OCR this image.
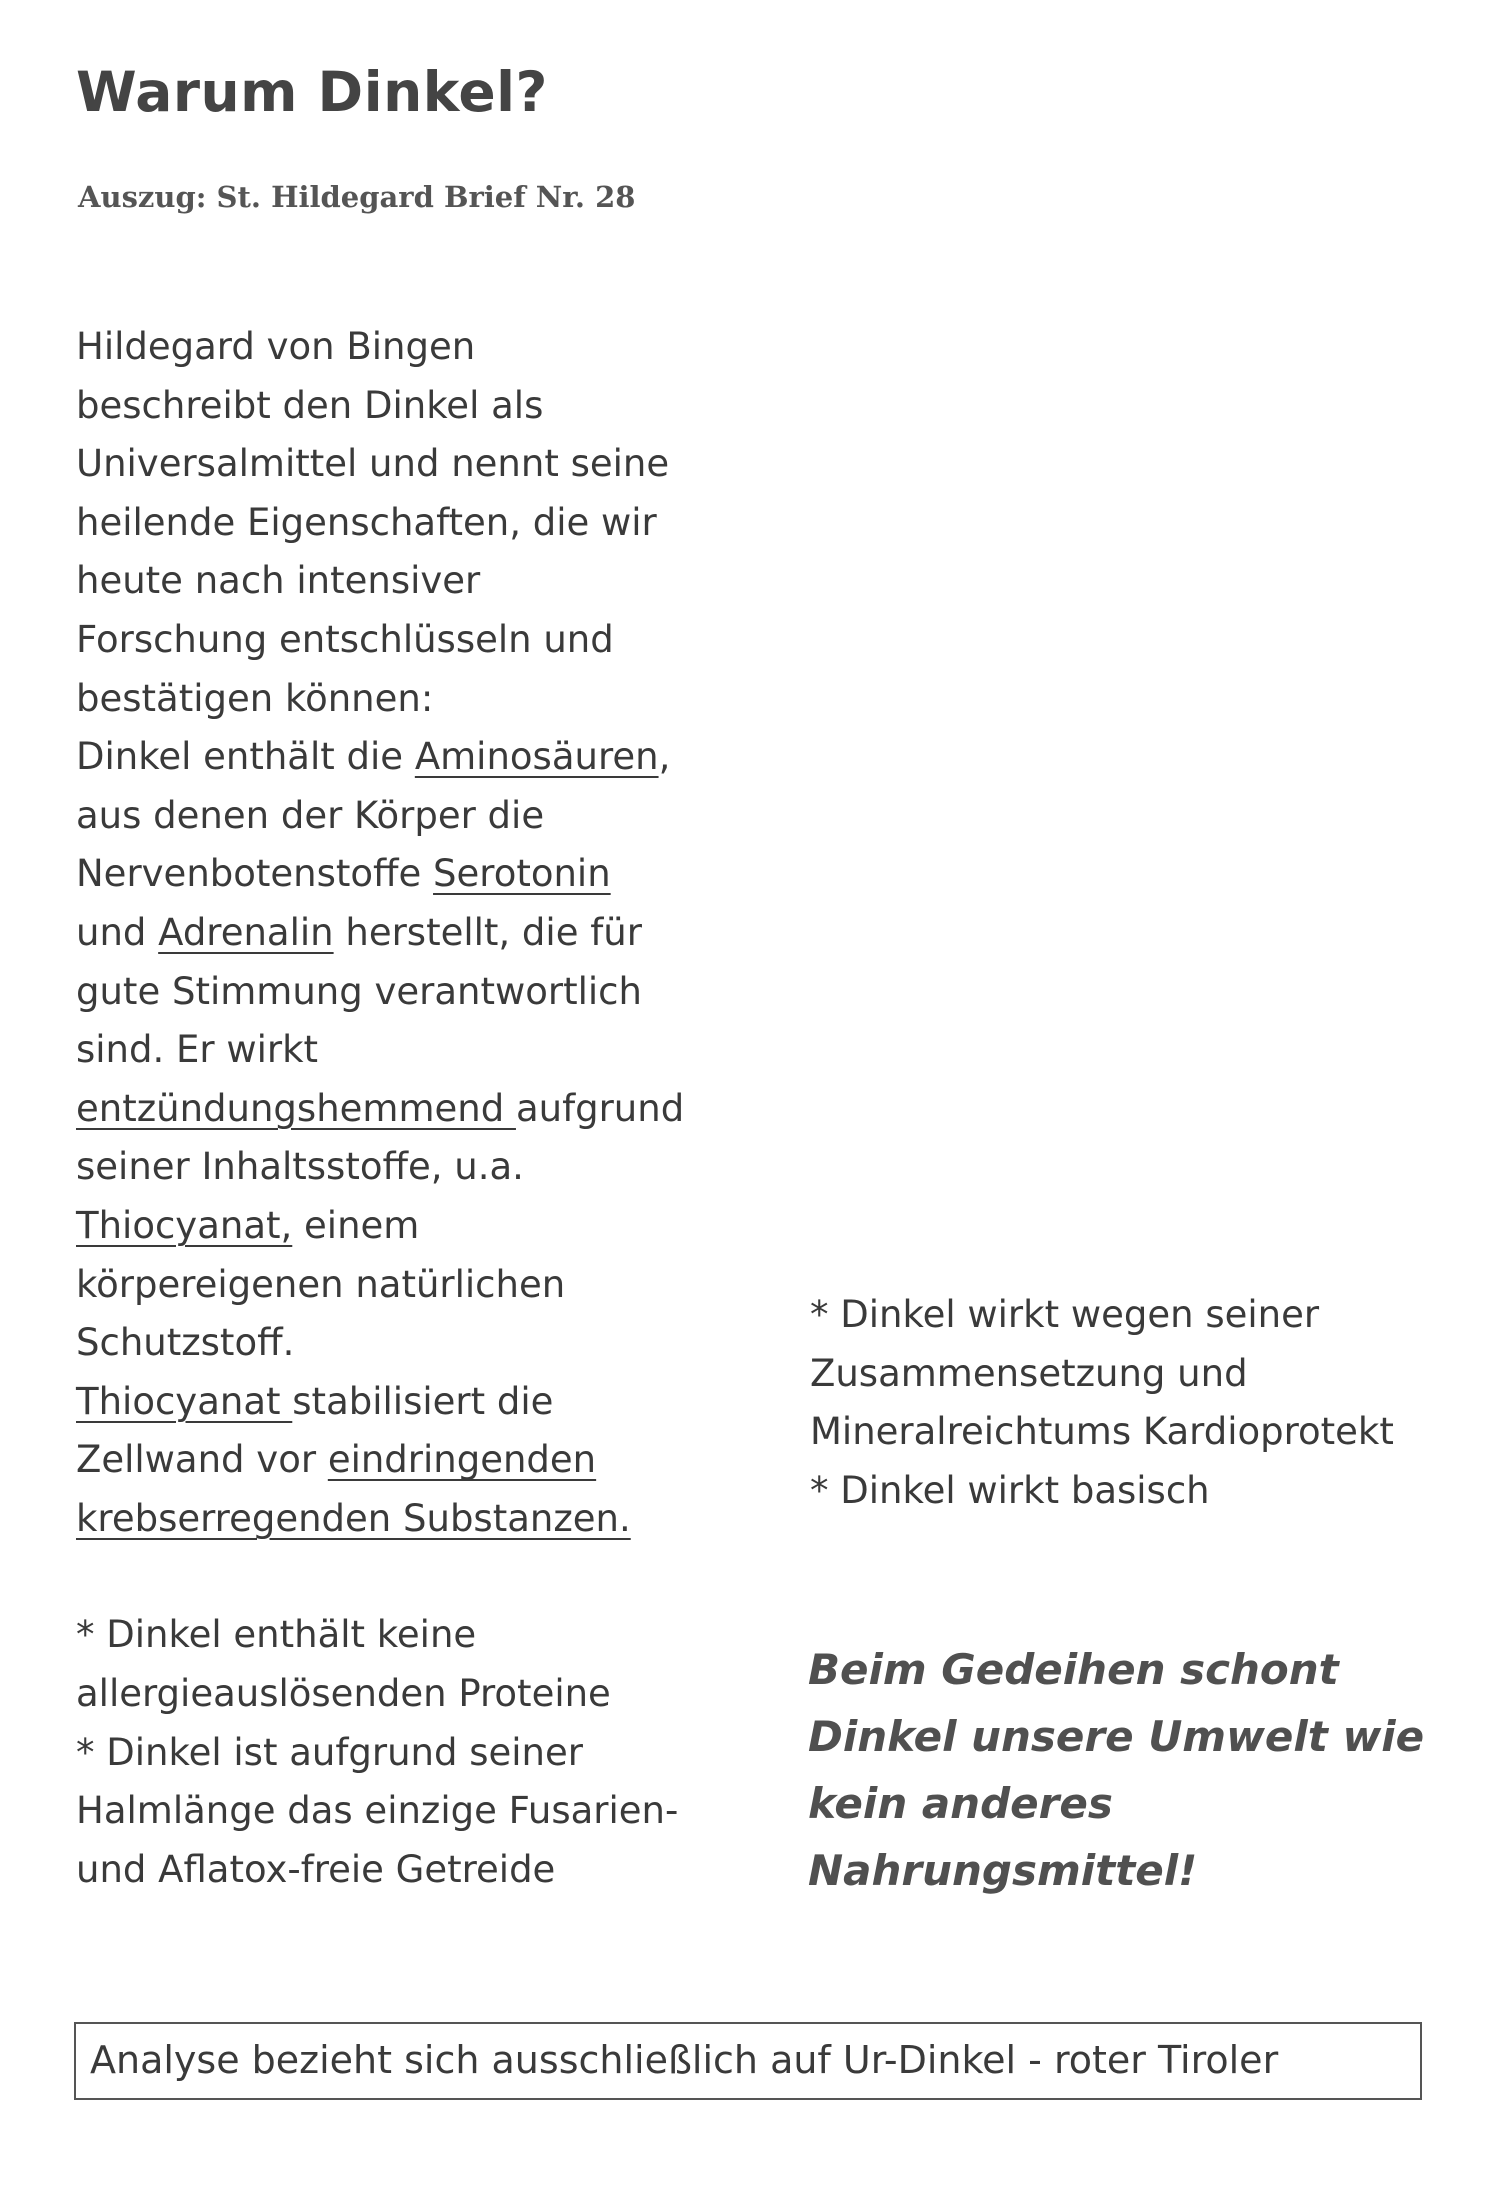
Warum Dinkel?

Auszug: St. Hildegard Brief Nr. 28

Hildegard von Bingen
beschreibt den Dinkel als
Universalmittel und nennt seine
heilende Eigenschaften, die wir
heute nach intensiver
Forschung entschlüsseln und
bestätigen können:
Dinkel enthält die Aminosäuren,
aus denen der Körper die
Nervenbotenstoffe Serotonin
und Adrenalin herstellt, die für
gute Stimmung verantwortlich
sind. Er wirkt
entzündungshemmend aufgrund
seiner Inhaltsstoffe, u.a.
Thiocyanat, einem
körpereigenen natürlichen
Schutzstoff.
Thiocyanat stabilisiert die
Zellwand vor eindringenden
krebserregenden Substanzen.
* Dinkel enthält keine
allergieauslösenden Proteine
* Dinkel ist aufgrund seiner
Halmlänge das einzige Fusarien-
und Aflatox-freie Getreide
* Dinkel wirkt wegen seiner
Zusammensetzung und
Mineralreichtums Kardioprotekt
* Dinkel wirkt basisch
Beim Gedeihen schont
Dinkel unsere Umwelt wie
kein anderes
Nahrungsmittel!
Analyse bezieht sich ausschließlich auf Ur-Dinkel - roter Tiroler
